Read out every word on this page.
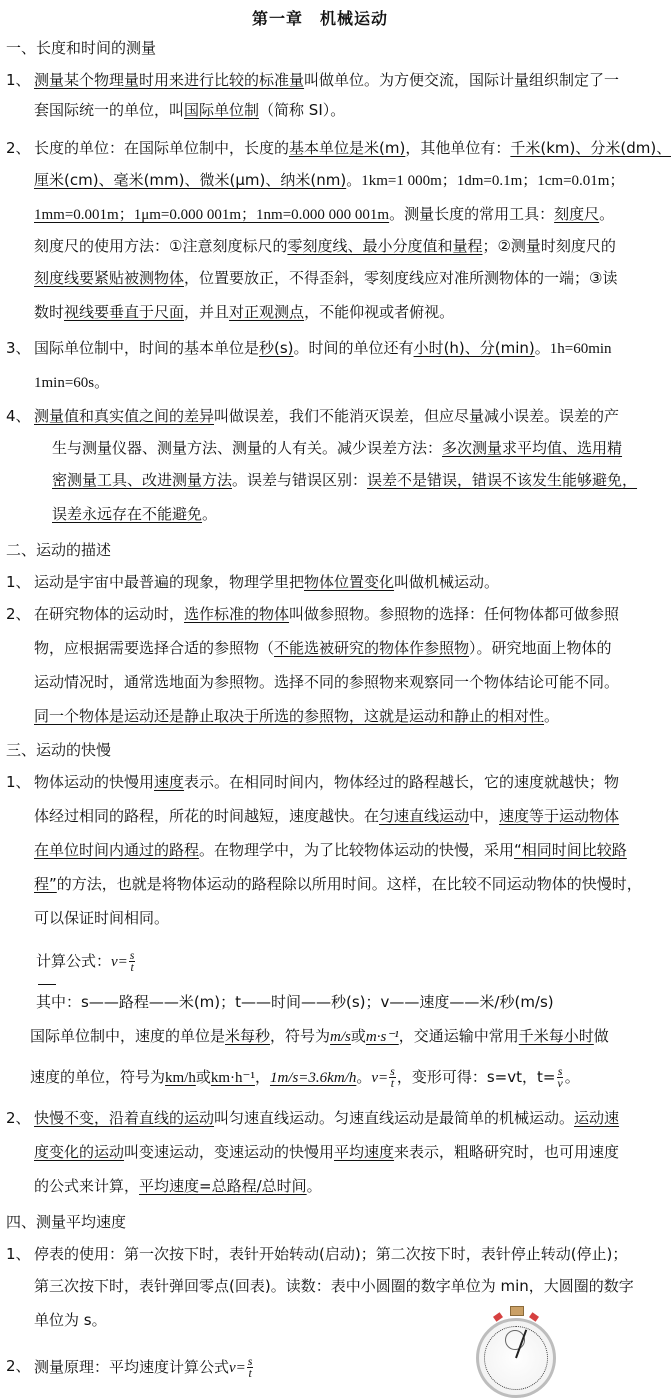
第一章　机械运动
一、长度和时间的测量
1、 测量某个物理量时用来进行比较的标准量叫做单位。为方便交流，国际计量组织制定了一
套国际统一的单位，叫国际单位制（简称 SI）。
2、 长度的单位：在国际单位制中，长度的基本单位是米(m)，其他单位有：千米(km)、分米(dm)、
厘米(cm)、毫米(mm)、微米(μm)、纳米(nm)。1km=1 000m；1dm=0.1m；1cm=0.01m；
1mm=0.001m；1μm=0.000 001m；1nm=0.000 000 001m。测量长度的常用工具：刻度尺。
刻度尺的使用方法：①注意刻度标尺的零刻度线、最小分度值和量程；②测量时刻度尺的
刻度线要紧贴被测物体，位置要放正，不得歪斜，零刻度线应对准所测物体的一端；③读
数时视线要垂直于尺面，并且对正观测点，不能仰视或者俯视。
3、 国际单位制中，时间的基本单位是秒(s)。时间的单位还有小时(h)、分(min)。1h=60min
1min=60s。
4、 测量值和真实值之间的差异叫做误差，我们不能消灭误差，但应尽量减小误差。误差的产
生与测量仪器、测量方法、测量的人有关。减少误差方法：多次测量求平均值、选用精
密测量工具、改进测量方法。误差与错误区别：误差不是错误，错误不该发生能够避免，
误差永远存在不能避免。
二、运动的描述
1、 运动是宇宙中最普遍的现象，物理学里把物体位置变化叫做机械运动。
2、 在研究物体的运动时，选作标准的物体叫做参照物。参照物的选择：任何物体都可做参照
物，应根据需要选择合适的参照物（不能选被研究的物体作参照物）。研究地面上物体的
运动情况时，通常选地面为参照物。选择不同的参照物来观察同一个物体结论可能不同。
同一个物体是运动还是静止取决于所选的参照物，这就是运动和静止的相对性。
三、运动的快慢
1、 物体运动的快慢用速度表示。在相同时间内，物体经过的路程越长，它的速度就越快；物
体经过相同的路程，所花的时间越短，速度越快。在匀速直线运动中，速度等于运动物体
在单位时间内通过的路程。在物理学中，为了比较物体运动的快慢，采用“相同时间比较路
程”的方法，也就是将物体运动的路程除以所用时间。这样，在比较不同运动物体的快慢时，
可以保证时间相同。
计算公式：$v= \frac{s}{t}$
其中：s——路程——米(m)；t——时间——秒(s)；v——速度——米/秒(m/s)
国际单位制中，速度的单位是米每秒，符号为m/s或m·s⁻¹，交通运输中常用千米每小时做
速度的单位，符号为km/h或km·h⁻¹，1m/s=3.6km/h。$v= \frac{s}{t}$ ，变形可得：s=vt，$t= \frac{s}{v}$ 。
2、 快慢不变，沿着直线的运动叫匀速直线运动。匀速直线运动是最简单的机械运动。运动速
度变化的运动叫变速运动，变速运动的快慢用平均速度来表示，粗略研究时，也可用速度
的公式来计算，平均速度=总路程/总时间。
四、测量平均速度
1、 停表的使用：第一次按下时，表针开始转动(启动)；第二次按下时，表针停止转动(停止)；
第三次按下时，表针弹回零点(回表)。读数：表中小圆圈的数字单位为 min，大圆圈的数字
单位为 s。
2、 测量原理：平均速度计算公式$v= \frac{s}{t}$
